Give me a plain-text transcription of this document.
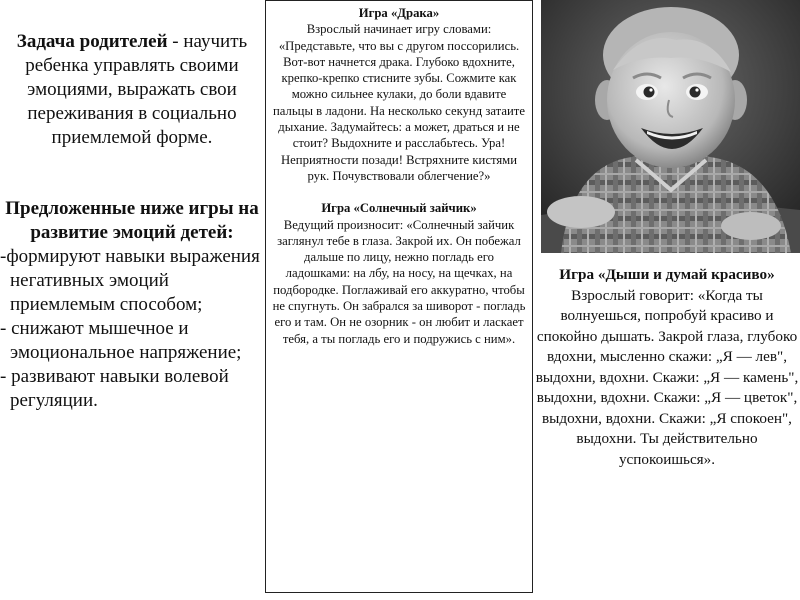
Задача родителей - научить ребенка управлять своими эмоциями, выражать свои переживания в социально приемлемой форме.

Предложенные ниже игры на развитие эмоций детей:

-формируют навыки выражения негативных эмоций приемлемым способом;
- снижают мышечное и эмоциональное напряжение;
- развивают навыки волевой регуляции.
Игра «Драка»
Взрослый начинает игру словами: «Представьте, что вы с другом поссорились. Вот-вот начнется драка. Глубоко вдохните, крепко-крепко стисните зубы. Сожмите как можно сильнее кулаки, до боли вдавите пальцы в ладони. На несколько секунд затаите дыхание. Задумайтесь: а может, драться и не стоит? Выдохните и расслабьтесь. Ура! Неприятности позади! Встряхните кистями рук. Почувствовали облегчение?»
Игра «Солнечный зайчик»
Ведущий произносит: «Солнечный зайчик заглянул тебе в глаза. Закрой их. Он побежал дальше по лицу, нежно погладь его ладошками: на лбу, на носу, на щечках, на подбородке. Поглаживай его аккуратно, чтобы не спугнуть. Он забрался за шиворот - погладь его и там. Он не озорник - он любит и ласкает тебя, а ты погладь его и подружись с ним».
Игра «Дыши и думай красиво»
Взрослый говорит: «Когда ты волнуешься, попробуй красиво и спокойно дышать. Закрой глаза, глубоко вдохни, мысленно скажи: „Я — лев", выдохни, вдохни. Скажи: „Я — камень", выдохни, вдохни. Скажи: „Я — цветок", выдохни, вдохни. Скажи: „Я спокоен", выдохни. Ты действительно успокоишься».
